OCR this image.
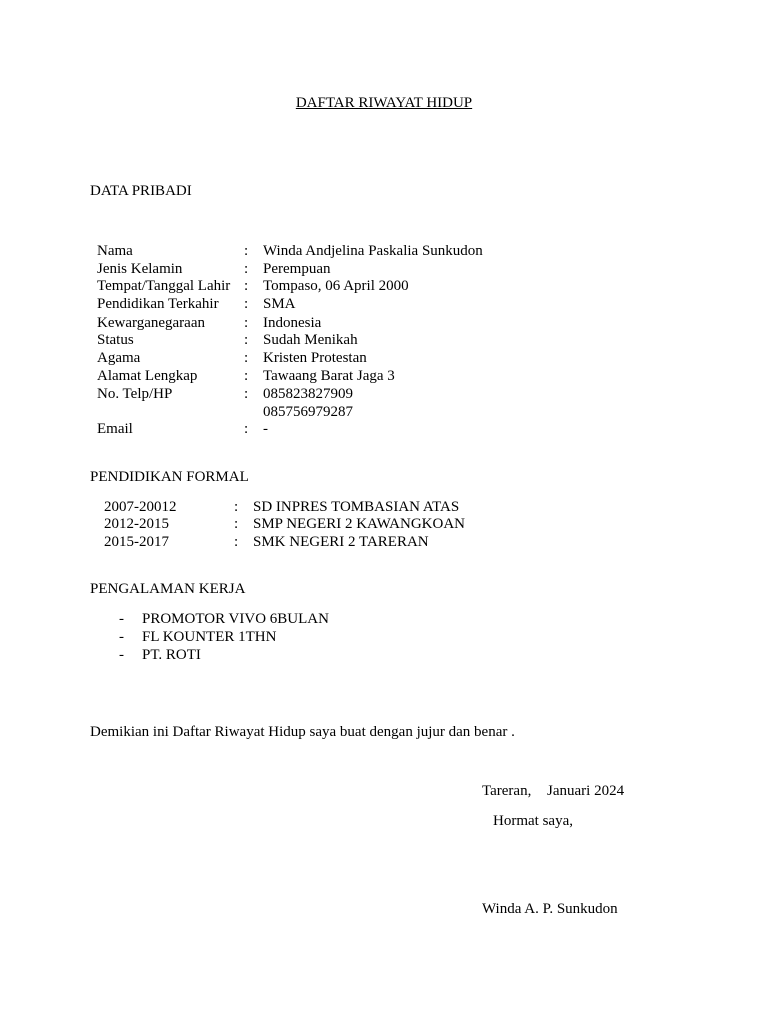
DAFTAR RIWAYAT HIDUP
DATA PRIBADI
Nama	: Winda Andjelina Paskalia Sunkudon
Jenis Kelamin	: Perempuan
Tempat/Tanggal Lahir : Tompaso, 06 April 2000
Pendidikan Terkahir : SMA
Kewarganegaraan	: Indonesia
Status	: Sudah Menikah
Agama	: Kristen Protestan
Alamat Lengkap	: Tawaang Barat Jaga 3
No. Telp/HP	: 085823827909
085756979287
Email	: -
PENDIDIKAN FORMAL
2007-20012	: SD INPRES TOMBASIAN ATAS
2012-2015	: SMP NEGERI 2 KAWANGKOAN
2015-2017	: SMK NEGERI 2 TARERAN
PENGALAMAN KERJA
- PROMOTOR VIVO 6BULAN
- FL KOUNTER 1THN
- PT. ROTI
Demikian ini Daftar Riwayat Hidup saya buat dengan jujur dan benar .
Tareran, Januari 2024
Hormat saya,
Winda A. P. Sunkudon
